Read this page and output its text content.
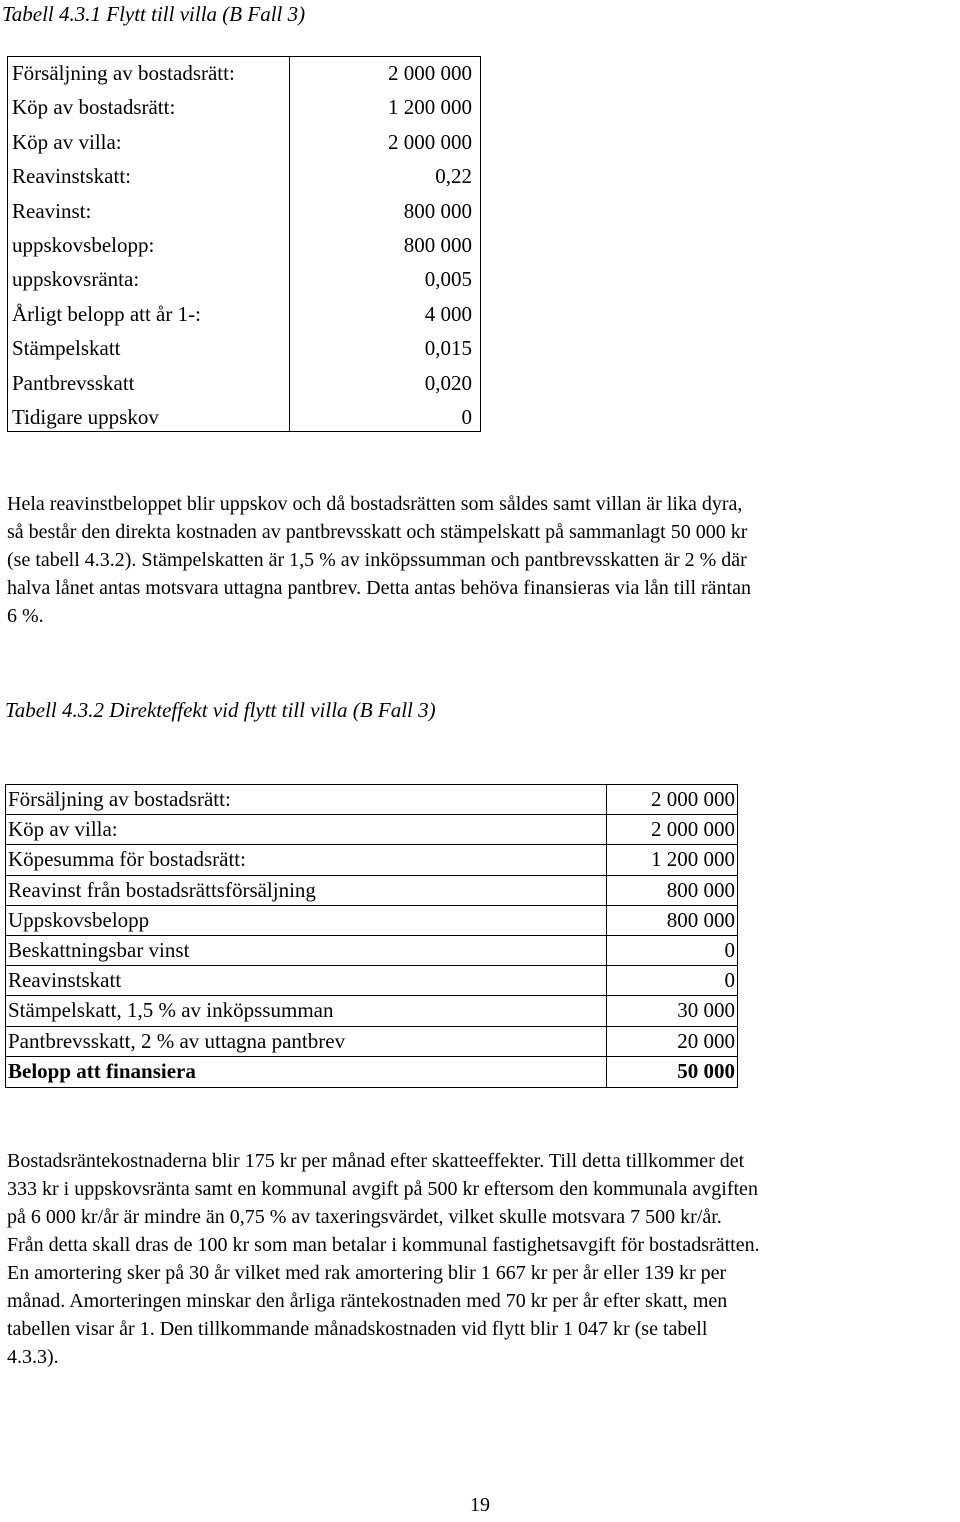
Tabell 4.3.1 Flytt till villa (B Fall 3)
Försäljning av bostadsrätt:	2 000 000
Köp av bostadsrätt:	1 200 000
Köp av villa:	2 000 000
Reavinstskatt:	0,22
Reavinst:	800 000
uppskovsbelopp:	800 000
uppskovsränta:	0,005
Årligt belopp att år 1-:	4 000
Stämpelskatt	0,015
Pantbrevsskatt	0,020
Tidigare uppskov	0
Hela reavinstbeloppet blir uppskov och då bostadsrätten som såldes samt villan är lika dyra,
så består den direkta kostnaden av pantbrevsskatt och stämpelskatt på sammanlagt 50 000 kr
(se tabell 4.3.2). Stämpelskatten är 1,5 % av inköpssumman och pantbrevsskatten är 2 % där
halva lånet antas motsvara uttagna pantbrev. Detta antas behöva finansieras via lån till räntan
6 %.
Tabell 4.3.2 Direkteffekt vid flytt till villa (B Fall 3)
Försäljning av bostadsrätt:	2 000 000
Köp av villa:	2 000 000
Köpesumma för bostadsrätt:	1 200 000
Reavinst från bostadsrättsförsäljning	800 000
Uppskovsbelopp	800 000
Beskattningsbar vinst	0
Reavinstskatt	0
Stämpelskatt, 1,5 % av inköpssumman	30 000
Pantbrevsskatt, 2 % av uttagna pantbrev	20 000
Belopp att finansiera	50 000
Bostadsräntekostnaderna blir 175 kr per månad efter skatteeffekter. Till detta tillkommer det
333 kr i uppskovsränta samt en kommunal avgift på 500 kr eftersom den kommunala avgiften
på 6 000 kr/år är mindre än 0,75 % av taxeringsvärdet, vilket skulle motsvara 7 500 kr/år.
Från detta skall dras de 100 kr som man betalar i kommunal fastighetsavgift för bostadsrätten.
En amortering sker på 30 år vilket med rak amortering blir 1 667 kr per år eller 139 kr per
månad. Amorteringen minskar den årliga räntekostnaden med 70 kr per år efter skatt, men
tabellen visar år 1. Den tillkommande månadskostnaden vid flytt blir 1 047 kr (se tabell
4.3.3).
19
